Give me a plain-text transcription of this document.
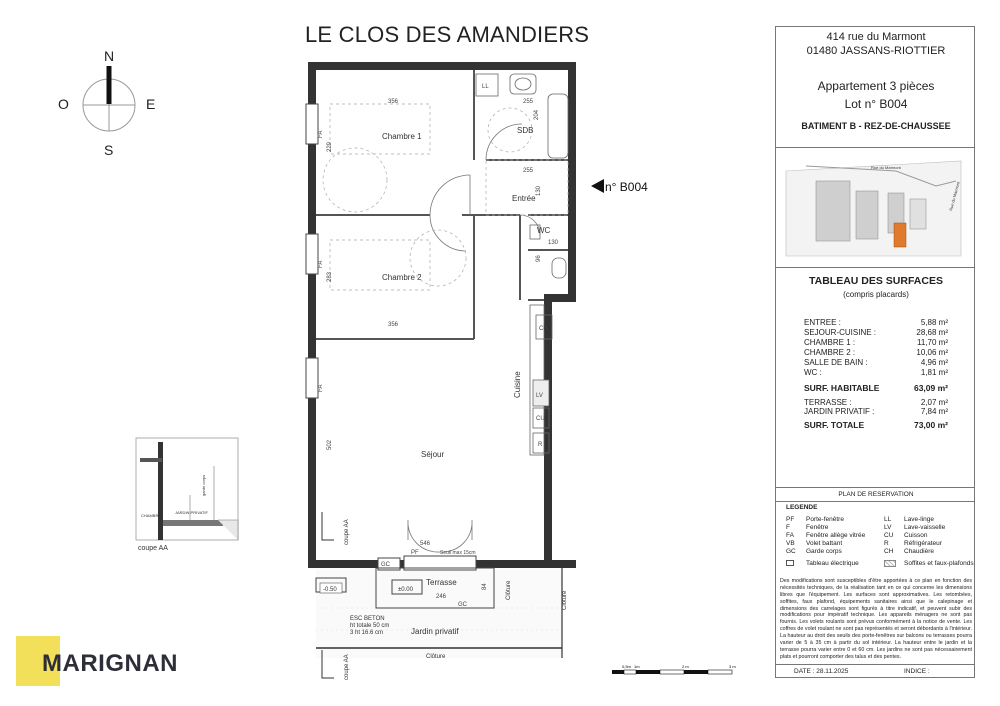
LE CLOS DES AMANDIERS
N
E
O
S
356
356
255
255
204
130
130
96
229
283
502
546
246
84
Seuil max 15cm
FA
FA
FA
PF
GC
GC
LL
LV
CU
R
CH
Chambre 1
Chambre 2
SDB
Entrée
WC
Séjour
Cuisine
Terrasse
Jardin privatif
n° B004
-0.50	±0.00
ESC BETON
ht totale 50 cm
3 ht 16.6 cm
Clôture
Clôture
Clôture
coupe AA
coupe AA
CHAMBRE
JARDIN PRIVATIF
garde corps
coupe AA
0,5m 1m	2 m	3 m
MARIGNAN
414 rue du Marmont
01480 JASSANS-RIOTTIER
Appartement 3 pièces
Lot n° B004
BATIMENT B - REZ-DE-CHAUSSEE
Rue du Marmont
Rue du Marmont
TABLEAU DES SURFACES
(compris placards)
ENTREE :	5,88 m²
SEJOUR-CUISINE :	28,68 m²
CHAMBRE 1 :	11,70 m²
CHAMBRE 2 :	10,06 m²
SALLE DE BAIN :	4,96 m²
WC :	1,81 m²
SURF. HABITABLE	63,09 m²
TERRASSE :	2,07 m²
JARDIN PRIVATIF :	7,84 m²
SURF. TOTALE	73,00 m²
PLAN DE RESERVATION
LEGENDE
PF Porte-fenêtre
F Fenêtre
FA Fenêtre allège vitrée
VB Volet battant
GC Garde corps
LL Lave-linge
LV Lave-vaisselle
CU Cuisson
R Réfrigérateur
CH Chaudière
Tableau électrique	Soffites et faux-plafonds
Des modifications sont susceptibles d'être apportées à ce plan en fonction des nécessités techniques, de la réalisation tant en ce qui concerne les dimensions libres que l'équipement. Les surfaces sont approximatives. Les retombées, soffites, faux plafond, équipements sanitaires ainsi que le calepinage et dimensions des carrelages sont figurés à titre indicatif, et peuvent subir des modifications pour impératif technique. Les appareils ménagers ne sont pas fournis. Les volets roulants sont prévus conformément à la notice de vente. Les coffres de volet roulant ne sont pas représentés et seront débordants à l'intérieur. La hauteur au droit des seuils des porte-fenêtres sur balcons ou terrasses pourra varier de 5 à 35 cm à partir du sol intérieur. La hauteur entre le jardin et la terrasse pourra varier entre 0 et 60 cm. Les jardins ne sont pas nécessairement plats et pourront comporter des talus et des pentes.
DATE : 28.11.2025	INDICE :
